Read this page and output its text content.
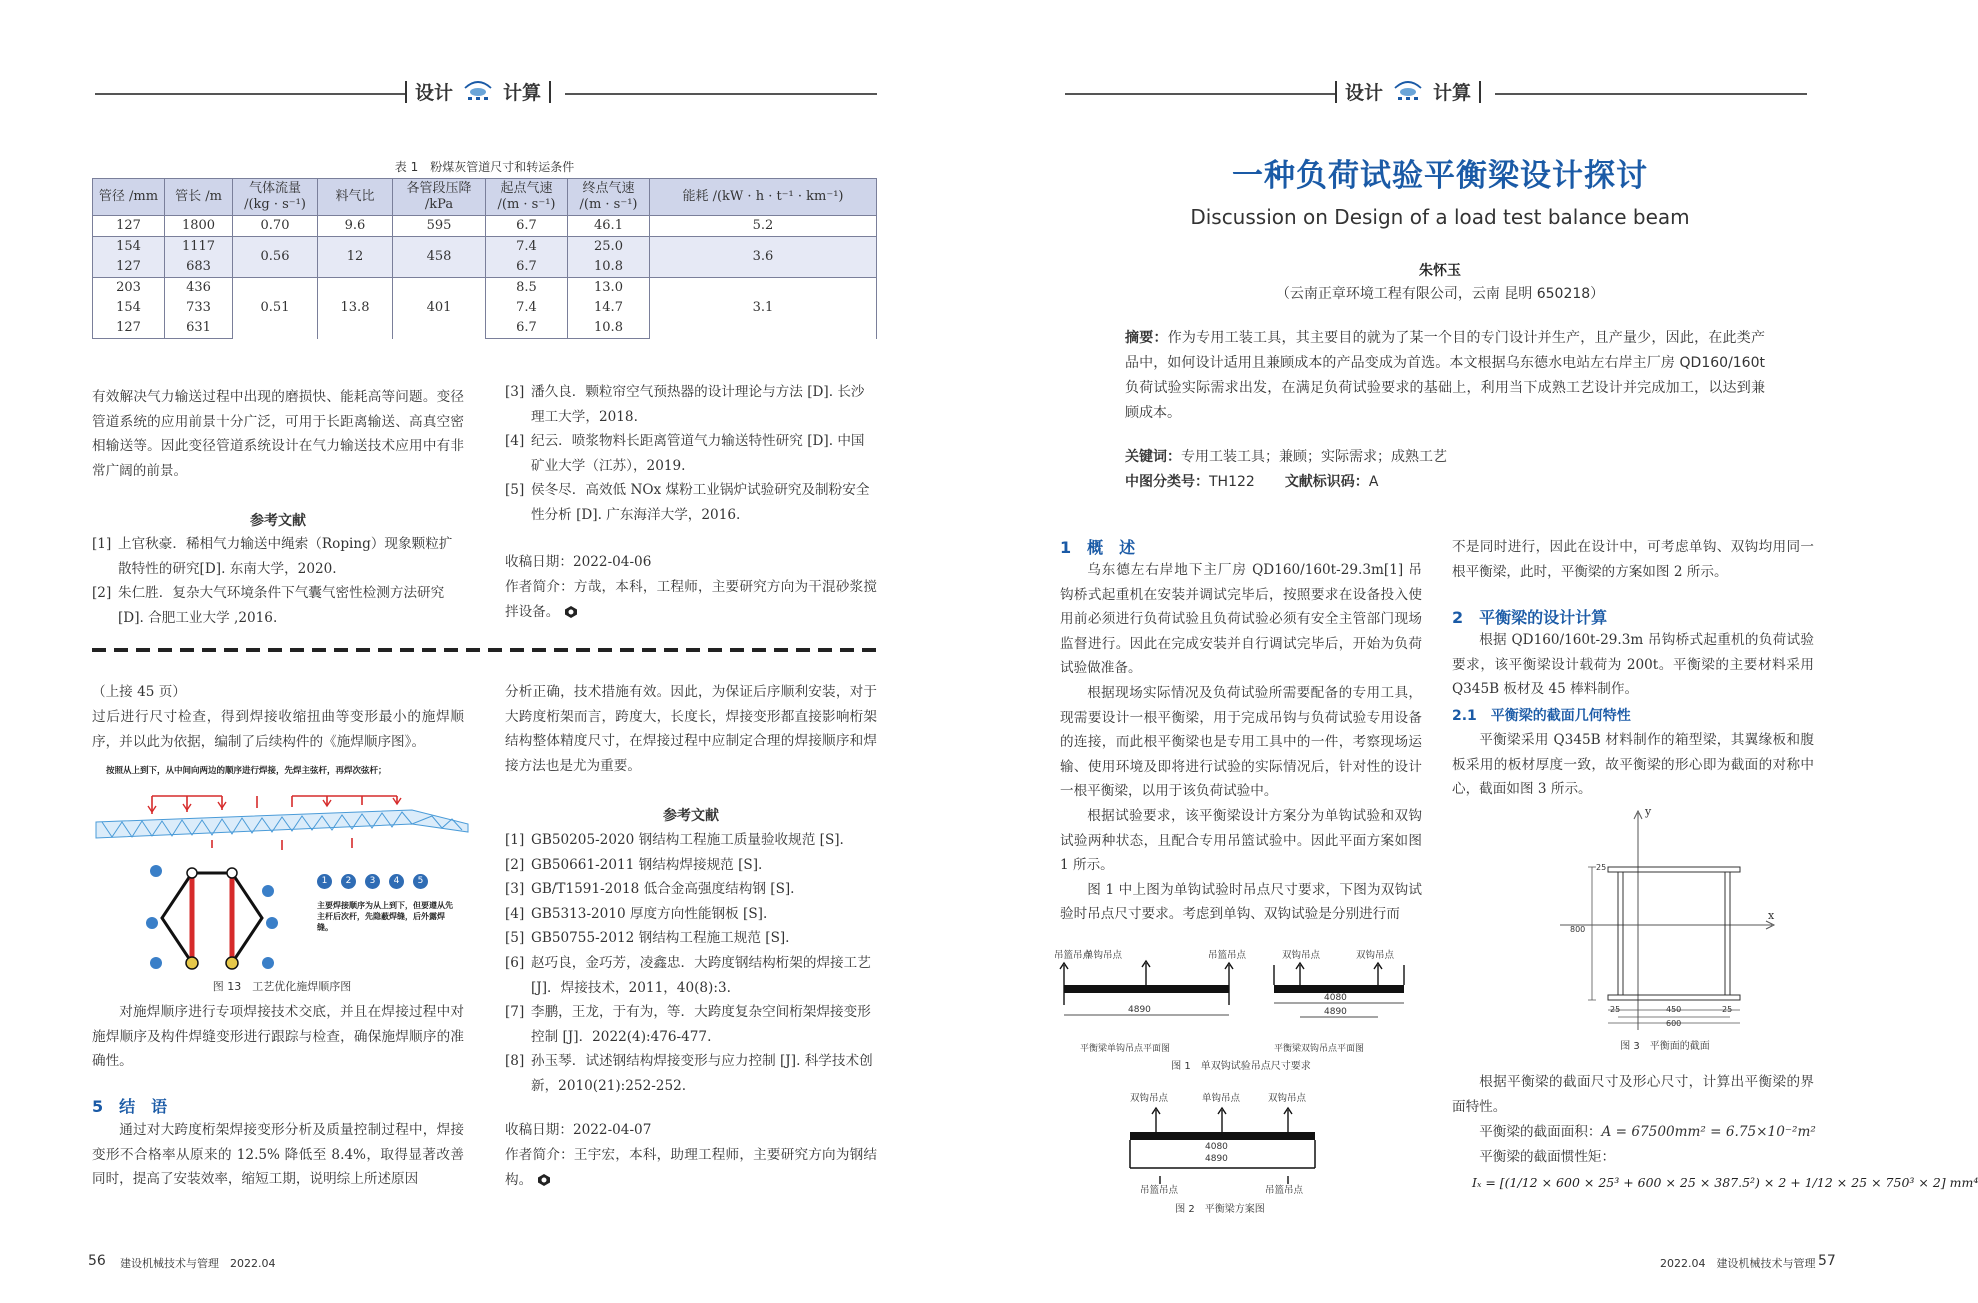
设计	计算
表 1　粉煤灰管道尺寸和转运条件
管径 /mm	管长 /m	气体流量 /(kg · s⁻¹)	料气比	各管段压降 /kPa	起点气速 /(m · s⁻¹)	终点气速 /(m · s⁻¹)	能耗 /(kW · h · t⁻¹ · km⁻¹)
127	1800	0.70	9.6	595	6.7	46.1	5.2
154	1117	0.56	12	458	7.4	25.0	3.6
127	683				6.7	10.8	
203	436	0.51	13.8	401	8.5	13.0	3.1
154	733				7.4	14.7	
127	631				6.7	10.8	
有效解决气力输送过程中出现的磨损快、能耗高等问题。变径管道系统的应用前景十分广泛，可用于长距离输送、高真空密相输送等。因此变径管道系统设计在气力输送技术应用中有非常广阔的前景。
参考文献
[1] 上官秋豪．稀相气力输送中绳索（Roping）现象颗粒扩散特性的研究[D]. 东南大学，2020.
[2] 朱仁胜．复杂大气环境条件下气囊气密性检测方法研究[D]. 合肥工业大学 ,2016.
[3] 潘久良．颗粒帘空气预热器的设计理论与方法 [D]. 长沙理工大学，2018.
[4] 纪云．喷浆物料长距离管道气力输送特性研究 [D]. 中国矿业大学（江苏），2019.
[5] 侯冬尽．高效低 NOx 煤粉工业锅炉试验研究及制粉安全性分析 [D]. 广东海洋大学，2016.
收稿日期：2022-04-06
作者简介：方哉，本科，工程师，主要研究方向为干混砂浆搅拌设备。
（上接 45 页）
过后进行尺寸检查，得到焊接收缩扭曲等变形最小的施焊顺序，并以此为依据，编制了后续构件的《施焊顺序图》。
按照从上到下，从中间向两边的顺序进行焊接，先焊主弦杆，再焊次弦杆；
1	2	3	4	5
主要焊接顺序为从上到下，但要遵从先主杆后次杆，先隐蔽焊缝，后外露焊缝。
图 13　工艺优化施焊顺序图
对施焊顺序进行专项焊接技术交底，并且在焊接过程中对施焊顺序及构件焊缝变形进行跟踪与检查，确保施焊顺序的准确性。
5　结　语
通过对大跨度桁架焊接变形分析及质量控制过程中，焊接变形不合格率从原来的 12.5% 降低至 8.4%，取得显著改善同时，提高了安装效率，缩短工期，说明综上所述原因
分析正确，技术措施有效。因此，为保证后序顺利安装，对于大跨度桁架而言，跨度大，长度长，焊接变形都直接影响桁架结构整体精度尺寸，在焊接过程中应制定合理的焊接顺序和焊接方法也是尤为重要。
参考文献
[1] GB50205-2020 钢结构工程施工质量验收规范 [S].
[2] GB50661-2011 钢结构焊接规范 [S].
[3] GB/T1591-2018 低合金高强度结构钢 [S].
[4] GB5313-2010 厚度方向性能钢板 [S].
[5] GB50755-2012 钢结构工程施工规范 [S].
[6] 赵巧良，金巧芳，凌鑫忠．大跨度钢结构桁架的焊接工艺 [J]．焊接技术，2011，40(8):3.
[7] 李鹏，王龙，于有为，等．大跨度复杂空间桁架焊接变形控制 [J]．2022(4):476-477.
[8] 孙玉琴．试述钢结构焊接变形与应力控制 [J]. 科学技术创新，2010(21):252-252.
收稿日期：2022-04-07
作者简介：王宇宏，本科，助理工程师，主要研究方向为钢结构。
56 建设机械技术与管理　2022.04
设计	计算
一种负荷试验平衡梁设计探讨
Discussion on Design of a load test balance beam
朱怀玉
（云南正章环境工程有限公司，云南 昆明 650218）
摘要：作为专用工装工具，其主要目的就为了某一个目的专门设计并生产，且产量少，因此，在此类产品中，如何设计适用且兼顾成本的产品变成为首选。本文根据乌东德水电站左右岸主厂房 QD160/160t 负荷试验实际需求出发，在满足负荷试验要求的基础上，利用当下成熟工艺设计并完成加工，以达到兼顾成本。
关键词：专用工装工具；兼顾；实际需求；成熟工艺
中图分类号：TH122 文献标识码：A
1　概　述

乌东德左右岸地下主厂房 QD160/160t-29.3m[1] 吊钩桥式起重机在安装并调试完毕后，按照要求在设备投入使用前必须进行负荷试验且负荷试验必须有安全主管部门现场监督进行。因此在完成安装并自行调试完毕后，开始为负荷试验做准备。

根据现场实际情况及负荷试验所需要配备的专用工具，现需要设计一根平衡梁，用于完成吊钩与负荷试验专用设备的连接，而此根平衡梁也是专用工具中的一件，考察现场运输、使用环境及即将进行试验的实际情况后，针对性的设计一根平衡梁，以用于该负荷试验中。

根据试验要求，该平衡梁设计方案分为单钩试验和双钩试验两种状态，且配合专用吊篮试验中。因此平面方案如图 1 所示。

图 1 中上图为单钩试验时吊点尺寸要求，下图为双钩试验时吊点尺寸要求。考虑到单钩、双钩试验是分别进行而

单钩吊点
吊篮吊点	吊篮吊点
4890
平衡梁单钩吊点平面图
双钩吊点	双钩吊点
4080
4890
平衡梁双钩吊点平面图
图 1　单双钩试验吊点尺寸要求
双钩吊点	单钩吊点	双钩吊点
4080
4890
吊篮吊点	吊篮吊点
图 2　平衡梁方案图
不是同时进行，因此在设计中，可考虑单钩、双钩均用同一根平衡梁，此时，平衡梁的方案如图 2 所示。
2　平衡梁的设计计算
根据 QD160/160t-29.3m 吊钩桥式起重机的负荷试验要求，该平衡梁设计载荷为 200t。平衡梁的主要材料采用 Q345B 板材及 45 棒料制作。
2.1　平衡梁的截面几何特性
平衡梁采用 Q345B 材料制作的箱型梁，其翼缘板和腹板采用的板材厚度一致，故平衡梁的形心即为截面的对称中心，截面如图 3 所示。
y
x
800
25
25	450	25
600
图 3　平衡面的截面
根据平衡梁的截面尺寸及形心尺寸，计算出平衡梁的界面特性。
平衡梁的截面面积：A = 67500mm² = 6.75×10⁻²m²
平衡梁的截面惯性矩：
Iₓ = [(1/12 × 600 × 25³ + 600 × 25 × 387.5²) × 2 + 1/12 × 25 × 750³ × 2] mm⁴
2022.04　建设机械技术与管理 57
